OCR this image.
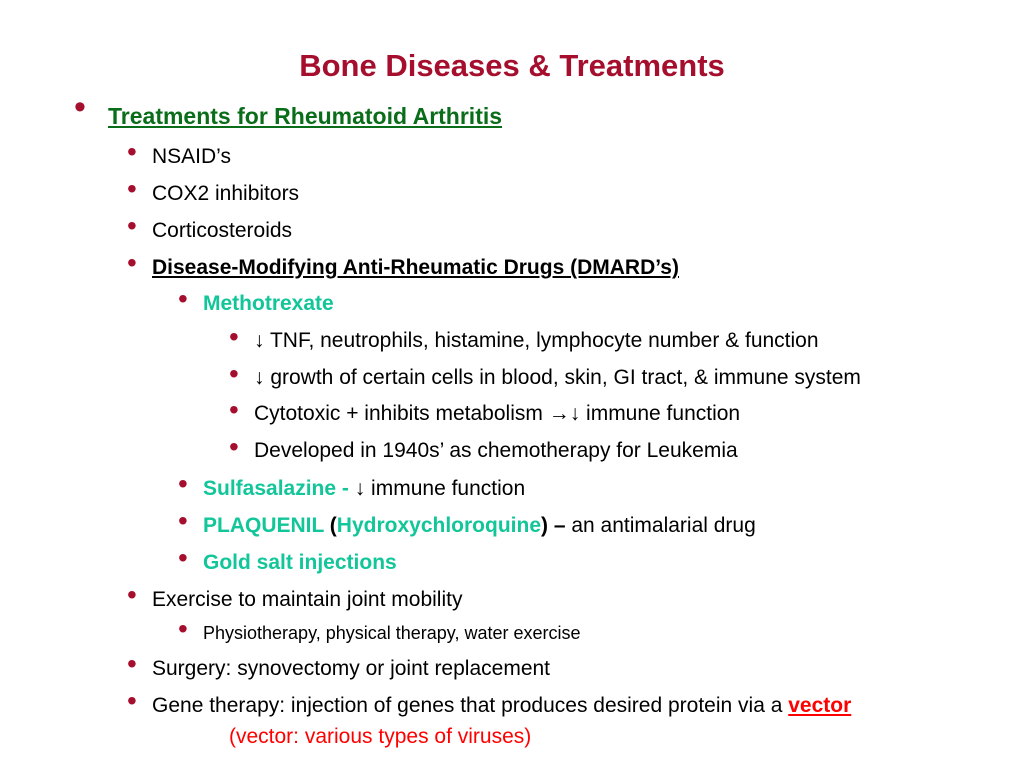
Bone Diseases & Treatments
• Treatments for Rheumatoid Arthritis
• NSAID’s
• COX2 inhibitors
• Corticosteroids
• Disease-Modifying Anti-Rheumatic Drugs (DMARD’s)
• Methotrexate
• ↓ TNF, neutrophils, histamine, lymphocyte number & function
• ↓ growth of certain cells in blood, skin, GI tract, & immune system
• Cytotoxic + inhibits metabolism →↓ immune function
• Developed in 1940s’ as chemotherapy for Leukemia
• Sulfasalazine - ↓ immune function
• PLAQUENIL (Hydroxychloroquine) – an antimalarial drug
• Gold salt injections
• Exercise to maintain joint mobility
• Physiotherapy, physical therapy, water exercise
• Surgery: synovectomy or joint replacement
• Gene therapy: injection of genes that produces desired protein via a vector
(vector: various types of viruses)
